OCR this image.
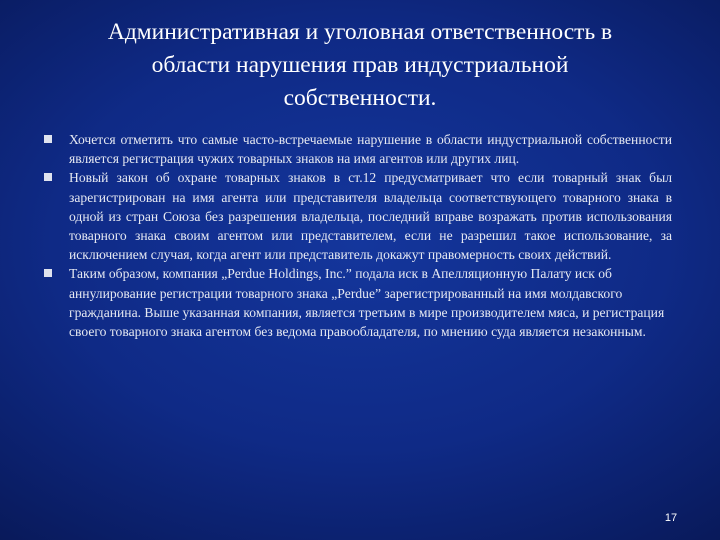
Административная и уголовная ответственность в
области нарушения прав индустриальной
собственности.
Хочется отметить что самые часто-встречаемые нарушение в области индустриальной собственности является регистрация чужих товарных знаков на имя агентов или других лиц.
Новый закон об охране товарных знаков в ст.12 предусматривает что если товарный знак был зарегистрирован на имя агента или представителя владельца соответствующего товарного знака в одной из стран Союза без разрешения владельца, последний вправе возражать против использования товарного знака своим агентом или представителем, если не разрешил такое использование, за исключением случая, когда агент или представитель докажут правомерность своих действий.
Таким образом, компания „Perdue Holdings, Inc.” подала иск в Апелляционную Палату иск об аннулирование регистрации товарного знака „Perdue” зарегистрированный на имя молдавского гражданина. Выше указанная компания, является третьим в мире производителем мяса, и регистрация своего товарного знака агентом без ведома правообладателя, по мнению суда является незаконным.
17
